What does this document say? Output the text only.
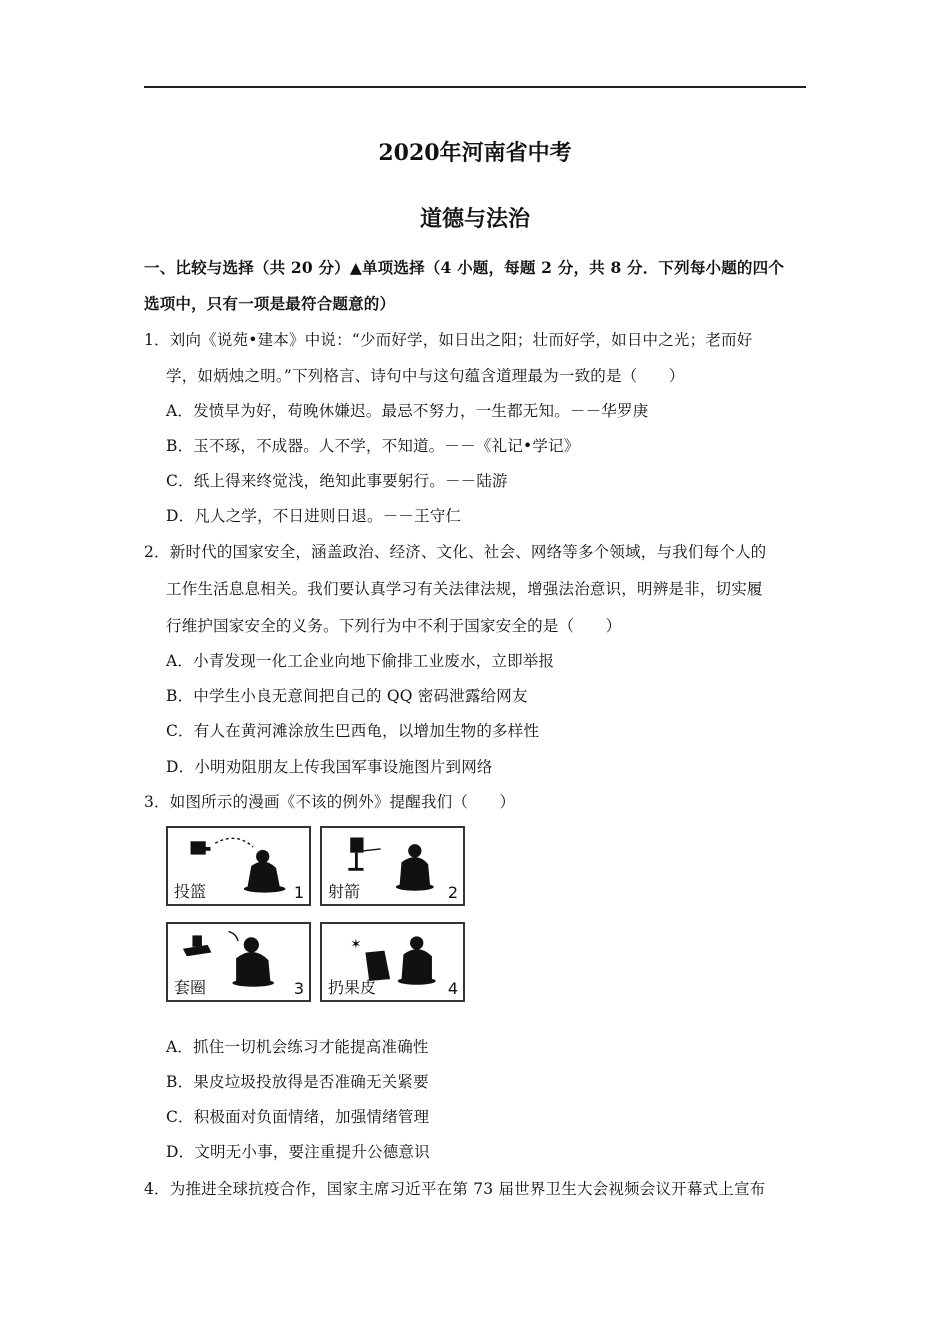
2020年河南省中考
道德与法治
一、比较与选择（共 20 分）▲单项选择（4 小题，每题 2 分，共 8 分．下列每小题的四个
选项中，只有一项是最符合题意的）
1．刘向《说苑•建本》中说：“少而好学，如日出之阳；壮而好学，如日中之光；老而好
学，如炳烛之明。”下列格言、诗句中与这句蕴含道理最为一致的是（　　）
A．发愤早为好，苟晚休嫌迟。最忌不努力，一生都无知。－－华罗庚
B．玉不琢，不成器。人不学，不知道。－－《礼记•学记》
C．纸上得来终觉浅，绝知此事要躬行。－－陆游
D．凡人之学，不日进则日退。－－王守仁
2．新时代的国家安全，涵盖政治、经济、文化、社会、网络等多个领域，与我们每个人的
工作生活息息相关。我们要认真学习有关法律法规，增强法治意识，明辨是非，切实履
行维护国家安全的义务。下列行为中不利于国家安全的是（　　）
A．小青发现一化工企业向地下偷排工业废水，立即举报
B．中学生小良无意间把自己的 QQ 密码泄露给网友
C．有人在黄河滩涂放生巴西龟，以增加生物的多样性
D．小明劝阻朋友上传我国军事设施图片到网络
3．如图所示的漫画《不该的例外》提醒我们（　　）
投篮	1 射箭	2
套圈	3
✶
扔果皮	4
A．抓住一切机会练习才能提高准确性
B．果皮垃圾投放得是否准确无关紧要
C．积极面对负面情绪，加强情绪管理
D．文明无小事，要注重提升公德意识
4．为推进全球抗疫合作，国家主席习近平在第 73 届世界卫生大会视频会议开幕式上宣布
